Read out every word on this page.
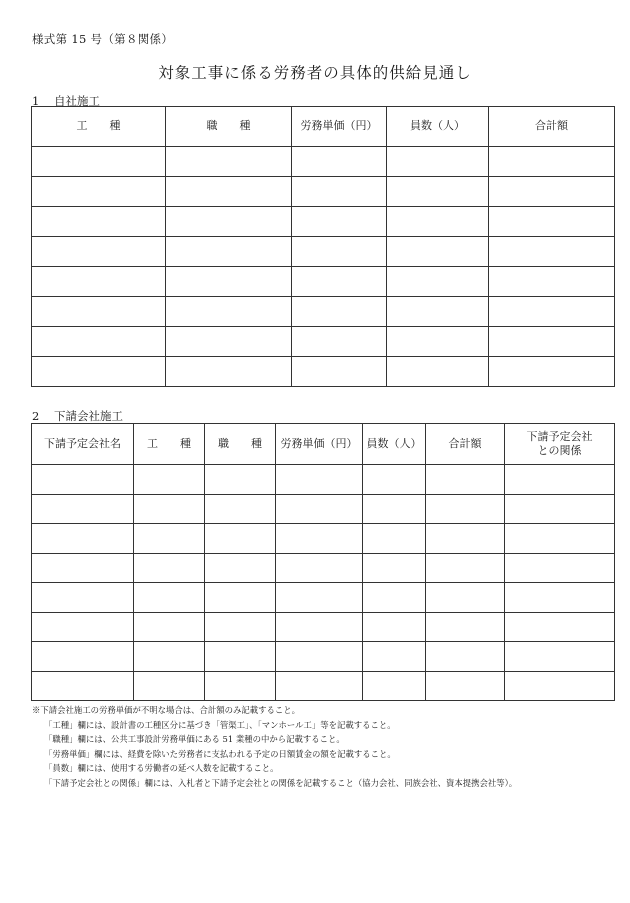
様式第 15 号（第８関係）
対象工事に係る労務者の具体的供給見通し
1 自社施工
工　　種	職　　種	労務単価（円）	員数（人）	合計額

2 下請会社施工
下請予定会社名	工　　種	職　　種	労務単価（円）	員数（人）	合計額	下請予定会社
との関係

※下請会社施工の労務単価が不明な場合は、合計額のみ記載すること。
「工種」欄には、設計書の工種区分に基づき「管渠工」、「マンホール工」等を記載すること。
「職種」欄には、公共工事設計労務単価にある 51 業種の中から記載すること。
「労務単価」欄には、経費を除いた労務者に支払われる予定の日額賃金の額を記載すること。
「員数」欄には、使用する労働者の延べ人数を記載すること。
「下請予定会社との関係」欄には、入札者と下請予定会社との関係を記載すること（協力会社、同族会社、資本提携会社等）。
